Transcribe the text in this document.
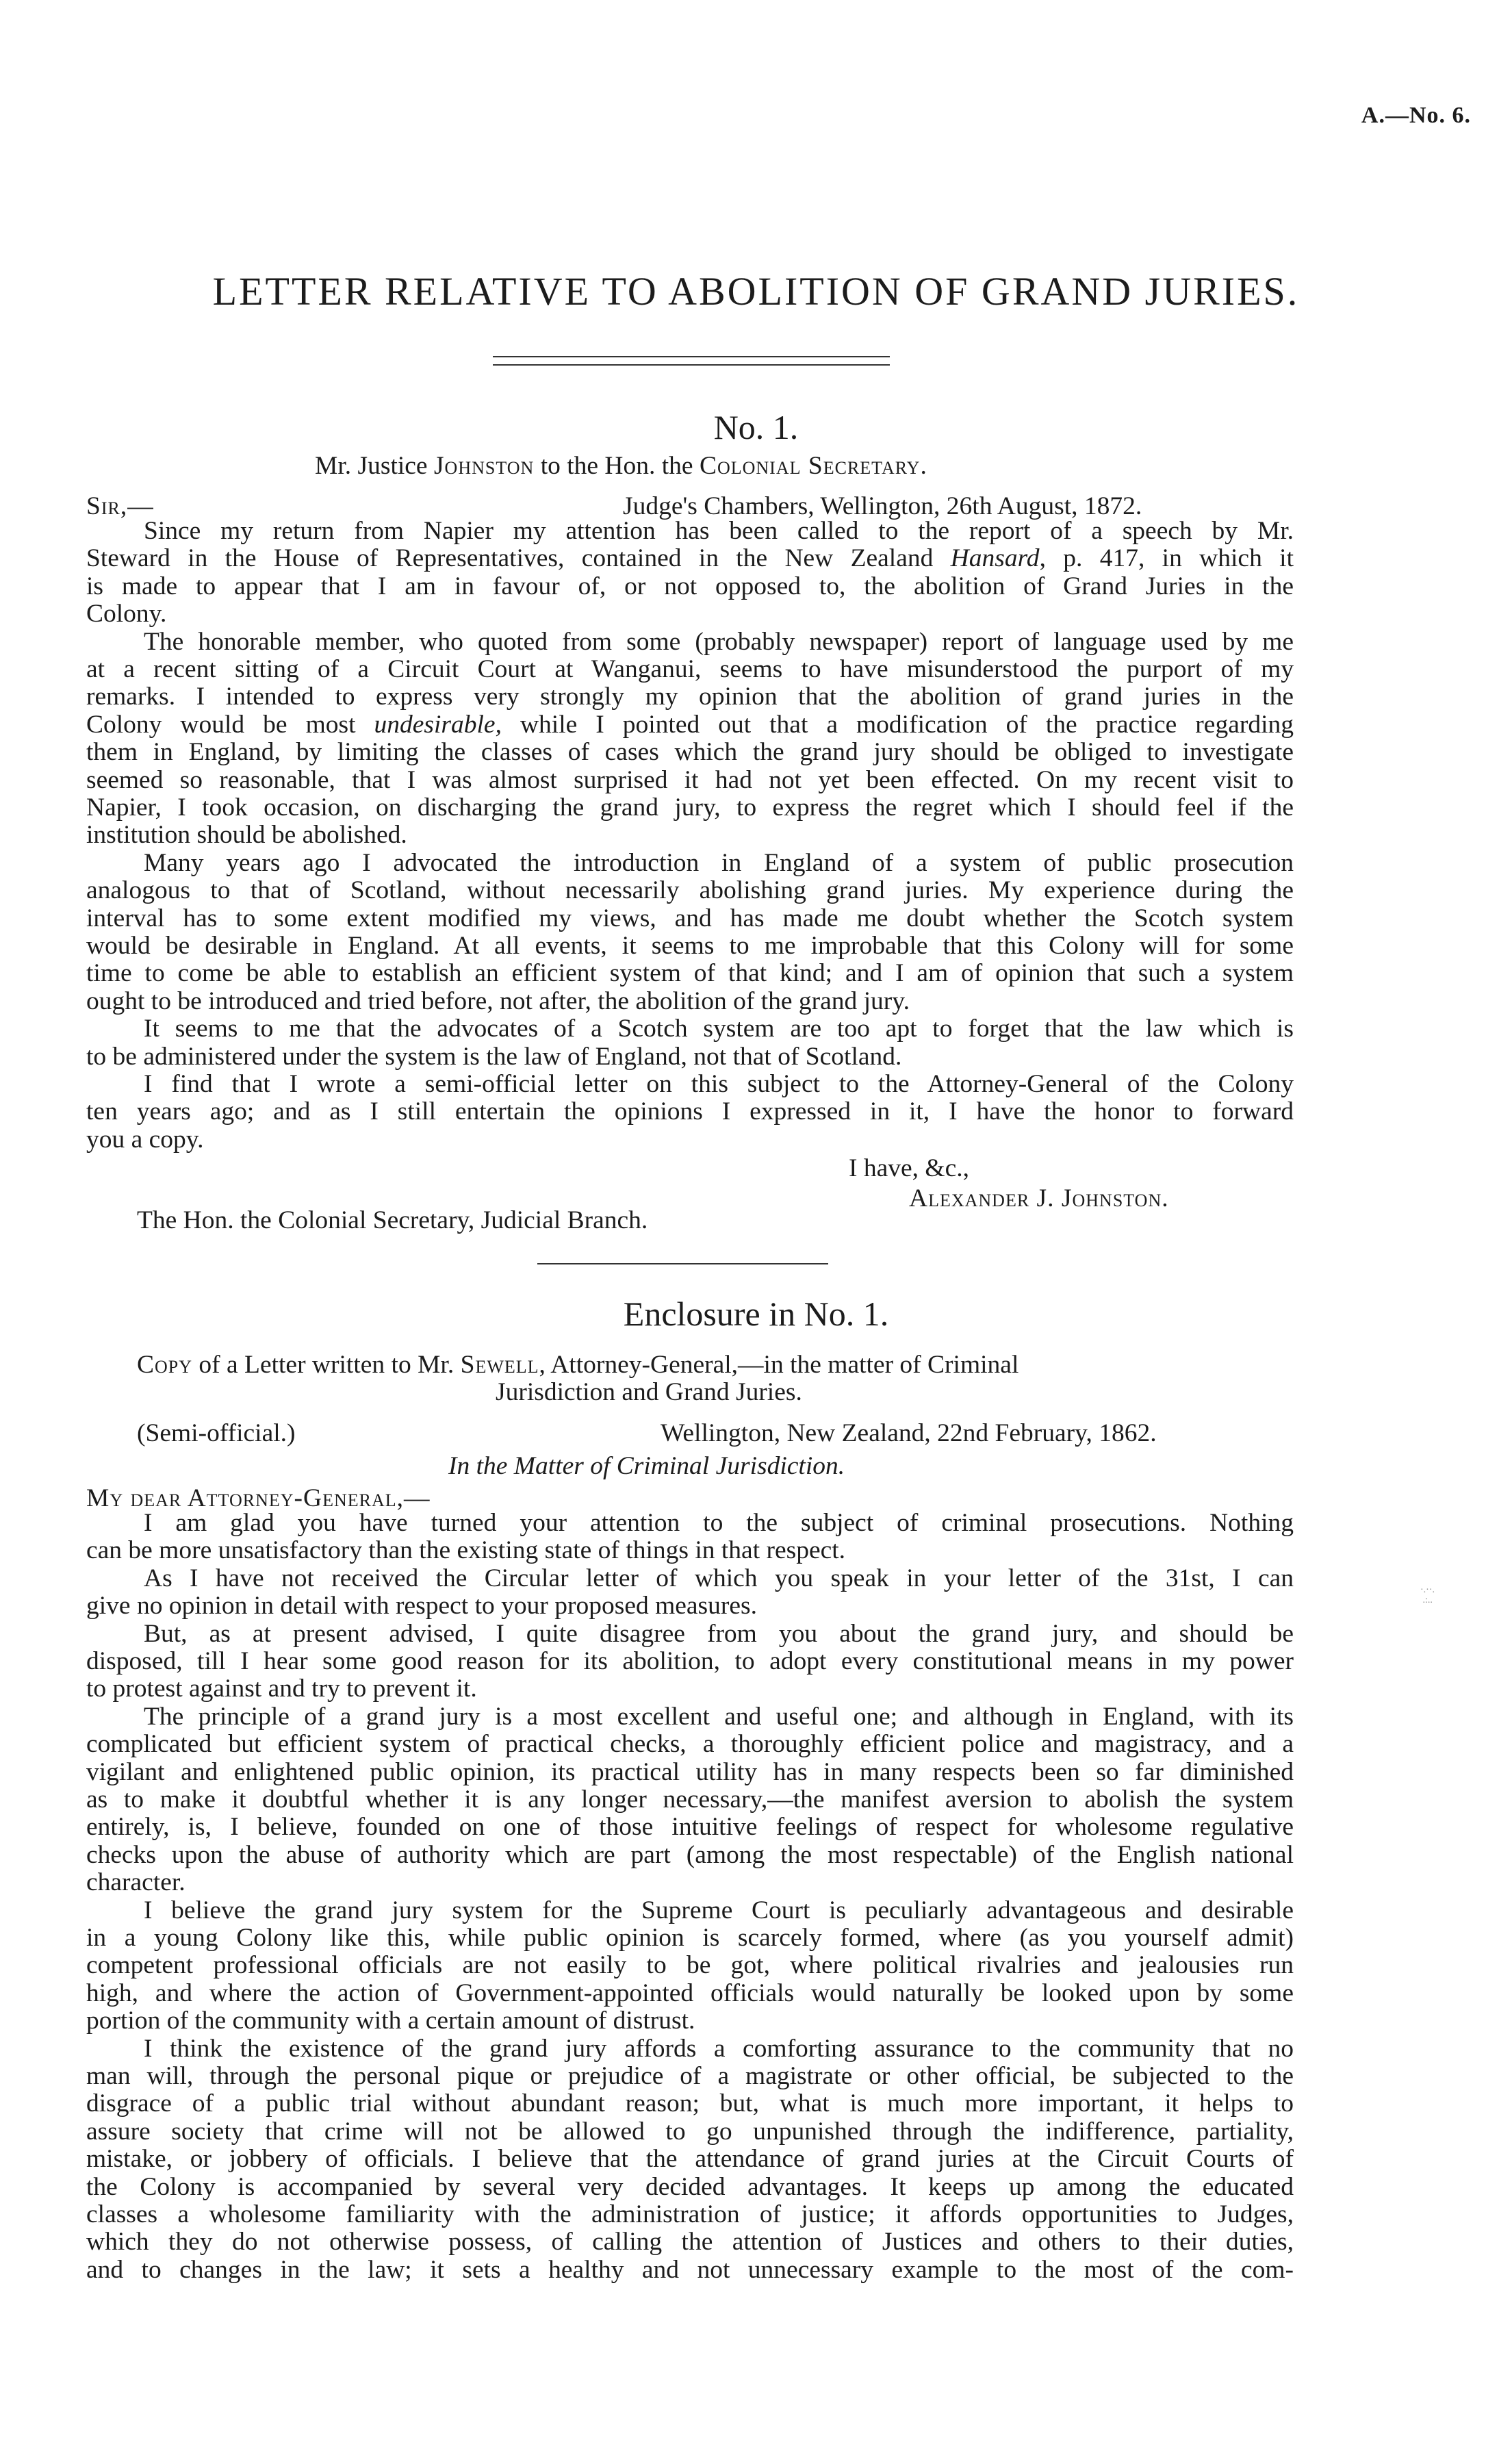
A.—No. 6.
LETTER RELATIVE TO ABOLITION OF GRAND JURIES.
No. 1.
Mr. Justice Johnston to the Hon. the Colonial Secretary.
Sir,—	Judge's Chambers, Wellington, 26th August, 1872.
Since my return from Napier my attention has been called to the report of a speech by Mr.
Steward in the House of Representatives, contained in the New Zealand Hansard, p. 417, in which it
is made to appear that I am in favour of, or not opposed to, the abolition of Grand Juries in the
Colony.
The honorable member, who quoted from some (probably newspaper) report of language used by me
at a recent sitting of a Circuit Court at Wanganui, seems to have misunderstood the purport of my
remarks. I intended to express very strongly my opinion that the abolition of grand juries in the
Colony would be most undesirable, while I pointed out that a modification of the practice regarding
them in England, by limiting the classes of cases which the grand jury should be obliged to investigate
seemed so reasonable, that I was almost surprised it had not yet been effected. On my recent visit to
Napier, I took occasion, on discharging the grand jury, to express the regret which I should feel if the
institution should be abolished.
Many years ago I advocated the introduction in England of a system of public prosecution
analogous to that of Scotland, without necessarily abolishing grand juries. My experience during the
interval has to some extent modified my views, and has made me doubt whether the Scotch system
would be desirable in England. At all events, it seems to me improbable that this Colony will for some
time to come be able to establish an efficient system of that kind; and I am of opinion that such a system
ought to be introduced and tried before, not after, the abolition of the grand jury.
It seems to me that the advocates of a Scotch system are too apt to forget that the law which is
to be administered under the system is the law of England, not that of Scotland.
I find that I wrote a semi-official letter on this subject to the Attorney-General of the Colony
ten years ago; and as I still entertain the opinions I expressed in it, I have the honor to forward
you a copy.
I have, &c.,
Alexander J. Johnston.
The Hon. the Colonial Secretary, Judicial Branch.
Enclosure in No. 1.
Copy of a Letter written to Mr. Sewell, Attorney-General,—in the matter of Criminal
Jurisdiction and Grand Juries.
(Semi-official.)	Wellington, New Zealand, 22nd February, 1862.
In the Matter of Criminal Jurisdiction.
My dear Attorney-General,—
I am glad you have turned your attention to the subject of criminal prosecutions. Nothing
can be more unsatisfactory than the existing state of things in that respect.
As I have not received the Circular letter of which you speak in your letter of the 31st, I can
give no opinion in detail with respect to your proposed measures.
But, as at present advised, I quite disagree from you about the grand jury, and should be
disposed, till I hear some good reason for its abolition, to adopt every constitutional means in my power
to protest against and try to prevent it.
The principle of a grand jury is a most excellent and useful one; and although in England, with its
complicated but efficient system of practical checks, a thoroughly efficient police and magistracy, and a
vigilant and enlightened public opinion, its practical utility has in many respects been so far diminished
as to make it doubtful whether it is any longer necessary,—the manifest aversion to abolish the system
entirely, is, I believe, founded on one of those intuitive feelings of respect for wholesome regulative
checks upon the abuse of authority which are part (among the most respectable) of the English national
character.
I believe the grand jury system for the Supreme Court is peculiarly advantageous and desirable
in a young Colony like this, while public opinion is scarcely formed, where (as you yourself admit)
competent professional officials are not easily to be got, where political rivalries and jealousies run
high, and where the action of Government-appointed officials would naturally be looked upon by some
portion of the community with a certain amount of distrust.
I think the existence of the grand jury affords a comforting assurance to the community that no
man will, through the personal pique or prejudice of a magistrate or other official, be subjected to the
disgrace of a public trial without abundant reason; but, what is much more important, it helps to
assure society that crime will not be allowed to go unpunished through the indifference, partiality,
mistake, or jobbery of officials. I believe that the attendance of grand juries at the Circuit Courts of
the Colony is accompanied by several very decided advantages. It keeps up among the educated
classes a wholesome familiarity with the administration of justice; it affords opportunities to Judges,
which they do not otherwise possess, of calling the attention of Justices and others to their duties,
and to changes in the law; it sets a healthy and not unnecessary example to the most of the com-
·.··.
.:..
